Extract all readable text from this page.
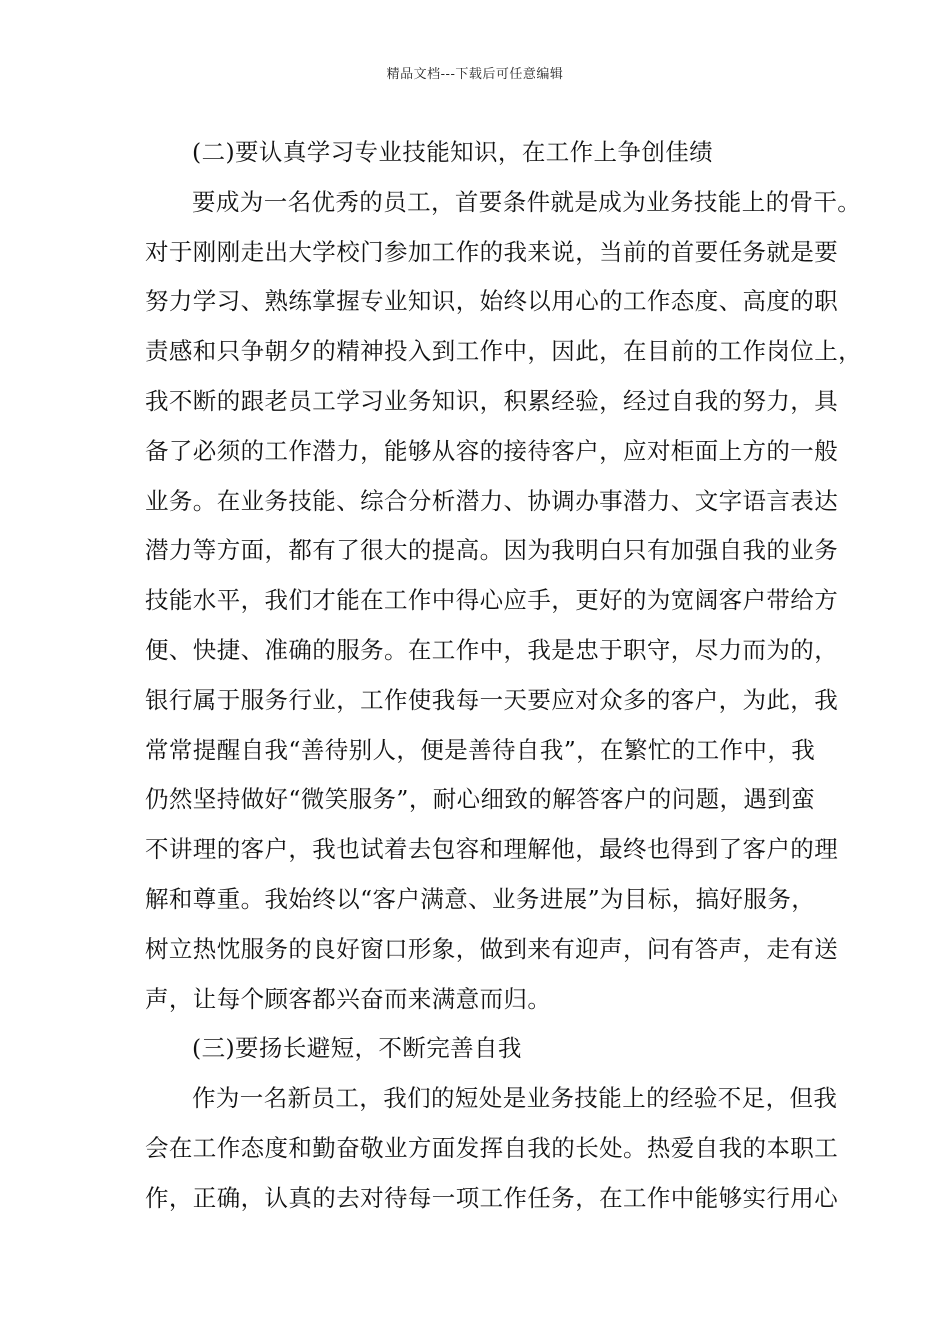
精品文档---下载后可任意编辑
(二)要认真学习专业技能知识，在工作上争创佳绩
要成为一名优秀的员工，首要条件就是成为业务技能上的骨干。
对于刚刚走出大学校门参加工作的我来说，当前的首要任务就是要
努力学习、熟练掌握专业知识，始终以用心的工作态度、高度的职
责感和只争朝夕的精神投入到工作中，因此，在目前的工作岗位上，
我不断的跟老员工学习业务知识，积累经验，经过自我的努力，具
备了必须的工作潜力，能够从容的接待客户，应对柜面上方的一般
业务。在业务技能、综合分析潜力、协调办事潜力、文字语言表达
潜力等方面，都有了很大的提高。因为我明白只有加强自我的业务
技能水平，我们才能在工作中得心应手，更好的为宽阔客户带给方
便、快捷、准确的服务。在工作中，我是忠于职守，尽力而为的，
银行属于服务行业，工作使我每一天要应对众多的客户，为此，我
常常提醒自我“善待别人，便是善待自我”，在繁忙的工作中，我
仍然坚持做好“微笑服务”，耐心细致的解答客户的问题，遇到蛮
不讲理的客户，我也试着去包容和理解他，最终也得到了客户的理
解和尊重。我始终以“客户满意、业务进展”为目标，搞好服务，
树立热忱服务的良好窗口形象，做到来有迎声，问有答声，走有送
声，让每个顾客都兴奋而来满意而归。
(三)要扬长避短，不断完善自我
作为一名新员工，我们的短处是业务技能上的经验不足，但我
会在工作态度和勤奋敬业方面发挥自我的长处。热爱自我的本职工
作，正确，认真的去对待每一项工作任务，在工作中能够实行用心
